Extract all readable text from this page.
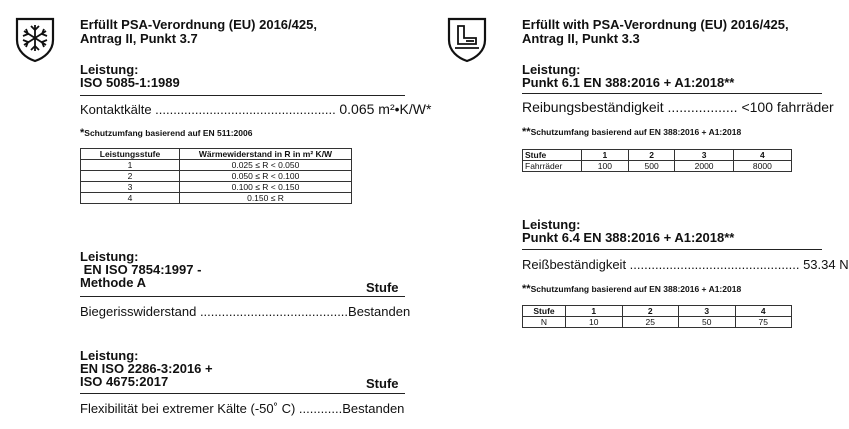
Erfüllt PSA-Verordnung (EU) 2016/425,
Antrag II, Punkt 3.7
Leistung:
ISO 5085-1:1989
Kontaktkälte .................................................. 0.065 m²•K/W*
*Schutzumfang basierend auf EN 511:2006
Leistungsstufe	Wärmewiderstand in R in m² K/W
1	0.025 ≤ R < 0.050
2	0.050 ≤ R < 0.100
3	0.100 ≤ R < 0.150
4	0.150 ≤ R
Leistung:
EN ISO 7854:1997 -
Methode A	Stufe
Biegerisswiderstand .........................................Bestanden
Leistung:
EN ISO 2286-3:2016 +
ISO 4675:2017	Stufe
Flexibilität bei extremer Kälte (-50˚ C) ............Bestanden
Erfüllt with PSA-Verordnung (EU) 2016/425,
Antrag II, Punkt 3.3
Leistung:
Punkt 6.1 EN 388:2016 + A1:2018**
Reibungsbeständigkeit .................. <100 fahrräder
**Schutzumfang basierend auf EN 388:2016 + A1:2018
Stufe	1	2	3	4
Fahrräder	100	500	2000	8000
Leistung:
Punkt 6.4 EN 388:2016 + A1:2018**
Reißbeständigkeit ............................................... 53.34 N
**Schutzumfang basierend auf EN 388:2016 + A1:2018
Stufe	1	2	3	4
N	10	25	50	75
